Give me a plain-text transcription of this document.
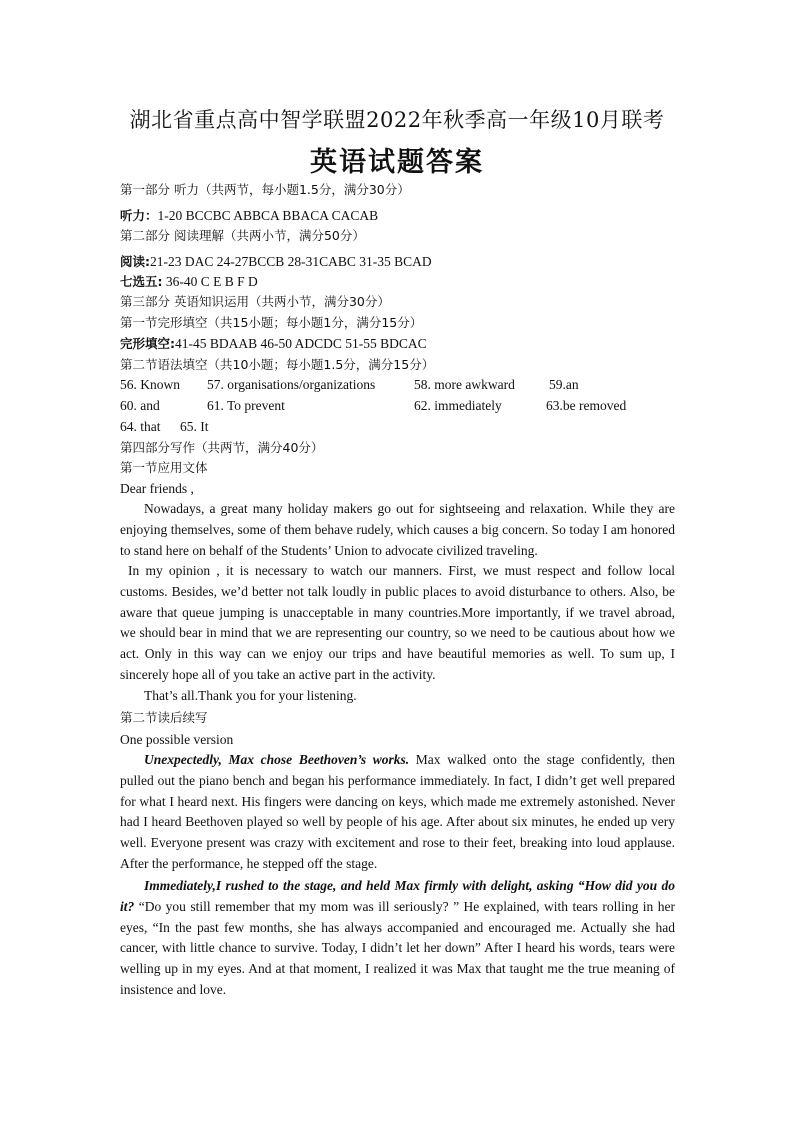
湖北省重点高中智学联盟2022年秋季高一年级10月联考
英语试题答案
第一部分 听力（共两节，每小题1.5分，满分30分）
听力：1-20 BCCBC ABBCA BBACA CACAB
第二部分 阅读理解（共两小节，满分50分）
阅读:21-23 DAC 24-27BCCB 28-31CABC 31-35 BCAD
七选五: 36-40 C E B F D
第三部分 英语知识运用（共两小节，满分30分）
第一节完形填空（共15小题；每小题1分，满分15分）
完形填空:41-45 BDAAB 46-50 ADCDC 51-55 BDCAC
第二节语法填空（共10小题；每小题1.5分，满分15分）
56. Known 57. organisations/organizations	58. more awkward	59.an
60. and	61. To prevent	62. immediately	63.be removed
64. that 65. It
第四部分写作（共两节，满分40分）
第一节应用文体
Dear friends ,
Nowadays, a great many holiday makers go out for sightseeing and relaxation. While they are enjoying themselves, some of them behave rudely, which causes a big concern. So today I am honored to stand here on behalf of the Students’ Union to advocate civilized traveling.
In my opinion , it is necessary to watch our manners. First, we must respect and follow local customs. Besides, we’d better not talk loudly in public places to avoid disturbance to others. Also, be aware that queue jumping is unacceptable in many countries.More importantly, if we travel abroad, we should bear in mind that we are representing our country, so we need to be cautious about how we act. Only in this way can we enjoy our trips and have beautiful memories as well. To sum up, I sincerely hope all of you take an active part in the activity.
That’s all.Thank you for your listening.
第二节读后续写
One possible version
Unexpectedly, Max chose Beethoven’s works. Max walked onto the stage confidently, then pulled out the piano bench and began his performance immediately. In fact, I didn’t get well prepared for what I heard next. His fingers were dancing on keys, which made me extremely astonished. Never had I heard Beethoven played so well by people of his age. After about six minutes, he ended up very well. Everyone present was crazy with excitement and rose to their feet, breaking into loud applause. After the performance, he stepped off the stage.
Immediately,I rushed to the stage, and held Max firmly with delight, asking “How did you do it? “Do you still remember that my mom was ill seriously? ” He explained, with tears rolling in her eyes, “In the past few months, she has always accompanied and encouraged me. Actually she had cancer, with little chance to survive. Today, I didn’t let her down” After I heard his words, tears were welling up in my eyes. And at that moment, I realized it was Max that taught me the true meaning of insistence and love.
